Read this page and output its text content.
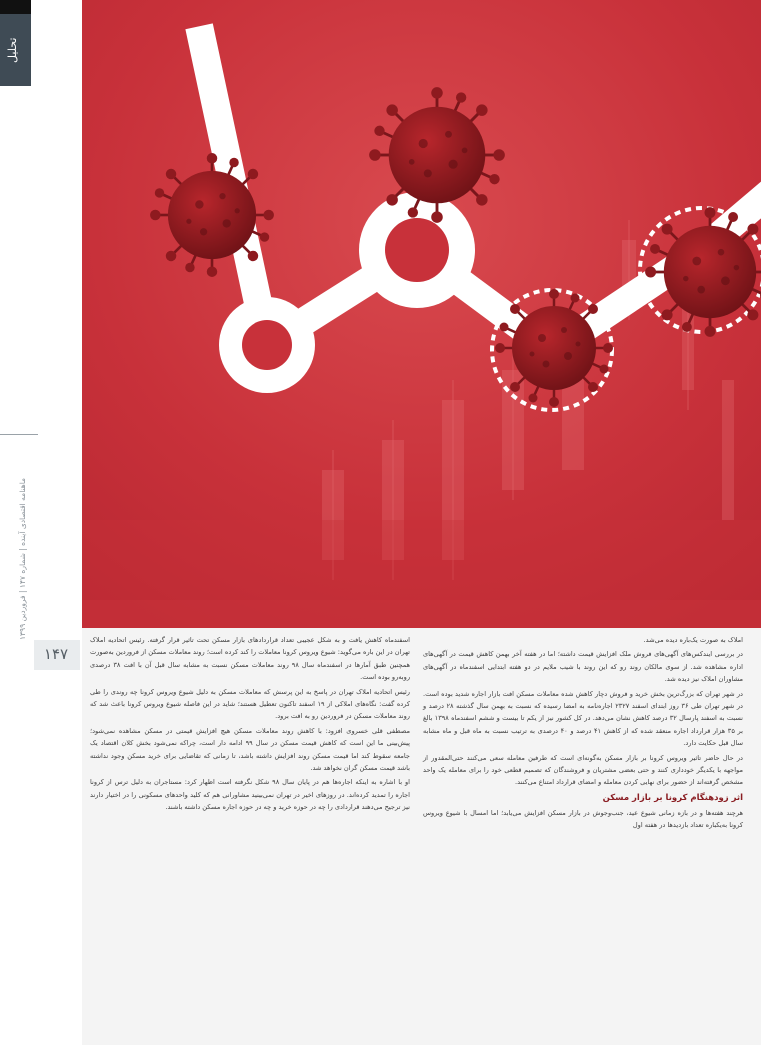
تحلیل
ماهنامه اقتصادی آینده | شماره ۱۴۷ | فروردین ۱۳۹۹
۱۴۷

املاک به صورت یک‌باره دیده می‌شد.

در بررسی ایندکس‌های آگهی‌های فروش ملک افزایش قیمت داشته؛ اما در هفته آخر بهمن کاهش قیمت در آگهی‌های اداره مشاهده شد. از سوی مالکان روند رو که این روند با شیب ملایم در دو هفته ابتدایی اسفندماه در آگهی‌های مشاوران املاک نیز دیده شد.

در شهر تهران که بزرگ‌ترین بخش خرید و فروش دچار کاهش شده معاملات مسکن افت بازار اجاره شدید بوده است. در شهر تهران طی ۳۶ روز ابتدای اسفند ۲۳۲۷ اجاره‌نامه به امضا رسیده که نسبت به بهمن سال گذشته ۲۸ درصد و نسبت به اسفند پارسال ۳۲ درصد کاهش نشان می‌دهد. در کل کشور نیز از یکم تا بیست و ششم اسفندماه ۱۳۹۸ بالغ بر ۳۵ هزار قرارداد اجاره منعقد شده که از کاهش ۴۱ درصد و ۴۰ درصدی به ترتیب نسبت به ماه قبل و ماه مشابه سال قبل حکایت دارد.

در حال حاضر تاثیر ویروس کرونا بر بازار مسکن به‌گونه‌ای است که طرفین معامله سعی می‌کنند حتی‌المقدور از مواجهه با یکدیگر خودداری کنند و حتی بعضی مشتریان و فروشندگان که تصمیم قطعی خود را برای معامله یک واحد مشخص گرفته‌اند از حضور برای نهایی کردن معامله و امضای قرارداد امتناع می‌کنند.

اثر زودهنگام کرونا بر بازار مسکن

هرچند هفته‌ها و در بازه زمانی شیوع عید، جنب‌وجوش در بازار مسکن افزایش می‌یابد؛ اما امسال با شیوع ویروس کرونا به‌یکباره تعداد بازدیدها در هفته اول

اسفندماه کاهش یافت و به شکل عجیبی تعداد قراردادهای بازار مسکن تحت تاثیر قرار گرفته. رئیس اتحادیه املاک تهران در این باره می‌گوید: شیوع ویروس کرونا معاملات را کند کرده است؛ روند معاملات مسکن از فروردین به‌صورت همچنین طبق آمارها در اسفندماه سال ۹۸ روند معاملات مسکن نسبت به مشابه سال قبل آن با افت ۳۸ درصدی روبه‌رو بوده است.

رئیس اتحادیه املاک تهران در پاسخ به این پرسش که معاملات مسکن به دلیل شیوع ویروس کرونا چه روندی را طی کرده گفت: نگاه‌های املاکی از ۱۹ اسفند تاکنون تعطیل هستند؛ شاید در این فاصله شیوع ویروس کرونا باعث شد که روند معاملات مسکن در فروردین رو به افت برود.

مصطفی قلی خسروی افزود: با کاهش روند معاملات مسکن هیچ افزایش قیمتی در مسکن مشاهده نمی‌شود؛ پیش‌بینی ما این است که کاهش قیمت مسکن در سال ۹۹ ادامه دار است، چراکه نمی‌شود بخش کلان اقتصاد یک جامعه سقوط کند اما قیمت مسکن روند افزایش داشته باشد، تا زمانی که تقاضایی برای خرید مسکن وجود نداشته باشد قیمت مسکن گران نخواهد شد.

او با اشاره به اینکه اجاره‌ها هم در پایان سال ۹۸ شکل نگرفته است اظهار کرد: مستاجران به دلیل ترس از کرونا اجاره را تمدید کرده‌اند. در روزهای اخیر در تهران نمی‌بینید مشاورانی هم که کلید واحدهای مسکونی را در اختیار دارند نیز ترجیح می‌دهند قراردادی را چه در حوزه خرید و چه در حوزه اجاره مسکن داشته باشند.
